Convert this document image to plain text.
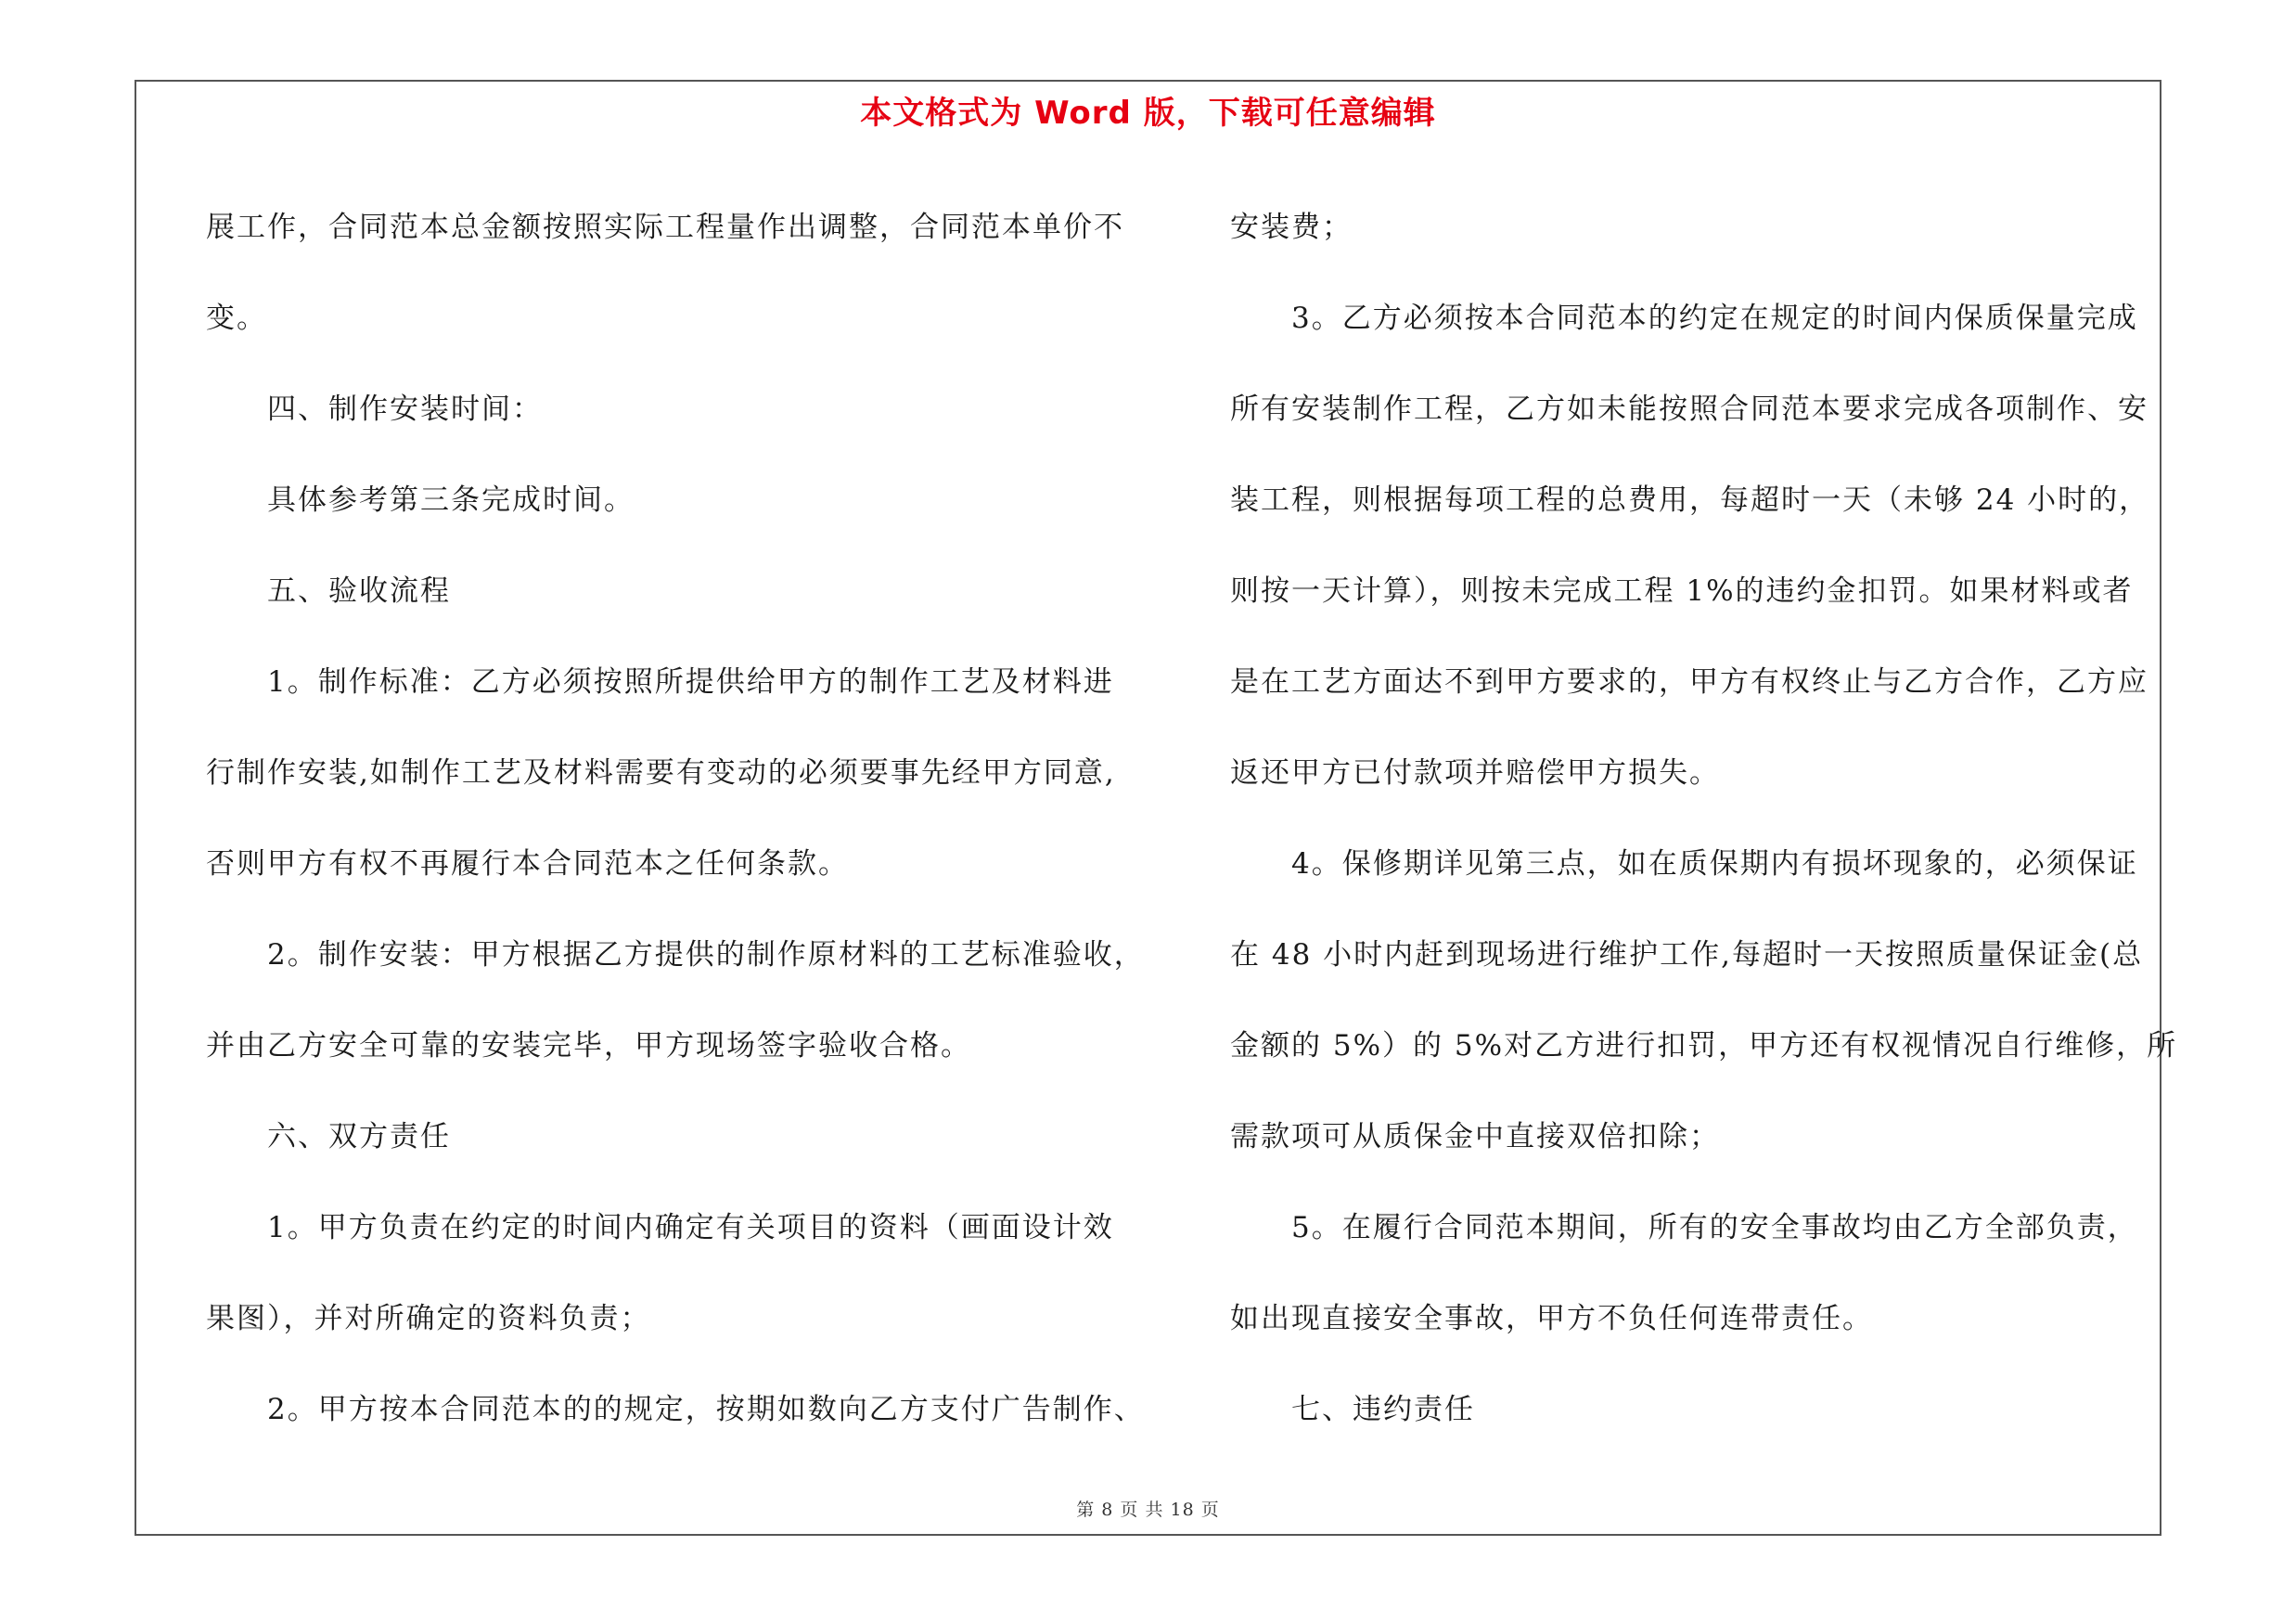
本文格式为 Word 版，下载可任意编辑
展工作，合同范本总金额按照实际工程量作出调整，合同范本单价不
变。
　　四、制作安装时间：
　　具体参考第三条完成时间。
　　五、验收流程
　　1。制作标准：乙方必须按照所提供给甲方的制作工艺及材料进
行制作安装,如制作工艺及材料需要有变动的必须要事先经甲方同意,
否则甲方有权不再履行本合同范本之任何条款。
　　2。制作安装：甲方根据乙方提供的制作原材料的工艺标准验收，
并由乙方安全可靠的安装完毕，甲方现场签字验收合格。
　　六、双方责任
　　1。甲方负责在约定的时间内确定有关项目的资料（画面设计效
果图），并对所确定的资料负责；
　　2。甲方按本合同范本的的规定，按期如数向乙方支付广告制作、
安装费；
　　3。乙方必须按本合同范本的约定在规定的时间内保质保量完成
所有安装制作工程，乙方如未能按照合同范本要求完成各项制作、安
装工程，则根据每项工程的总费用，每超时一天（未够 24 小时的，
则按一天计算），则按未完成工程 1%的违约金扣罚。如果材料或者
是在工艺方面达不到甲方要求的，甲方有权终止与乙方合作，乙方应
返还甲方已付款项并赔偿甲方损失。
　　4。保修期详见第三点，如在质保期内有损坏现象的，必须保证
在 48 小时内赶到现场进行维护工作,每超时一天按照质量保证金(总
金额的 5%）的 5%对乙方进行扣罚，甲方还有权视情况自行维修，所
需款项可从质保金中直接双倍扣除；
　　5。在履行合同范本期间，所有的安全事故均由乙方全部负责，
如出现直接安全事故，甲方不负任何连带责任。
　　七、违约责任
第 8 页 共 18 页
